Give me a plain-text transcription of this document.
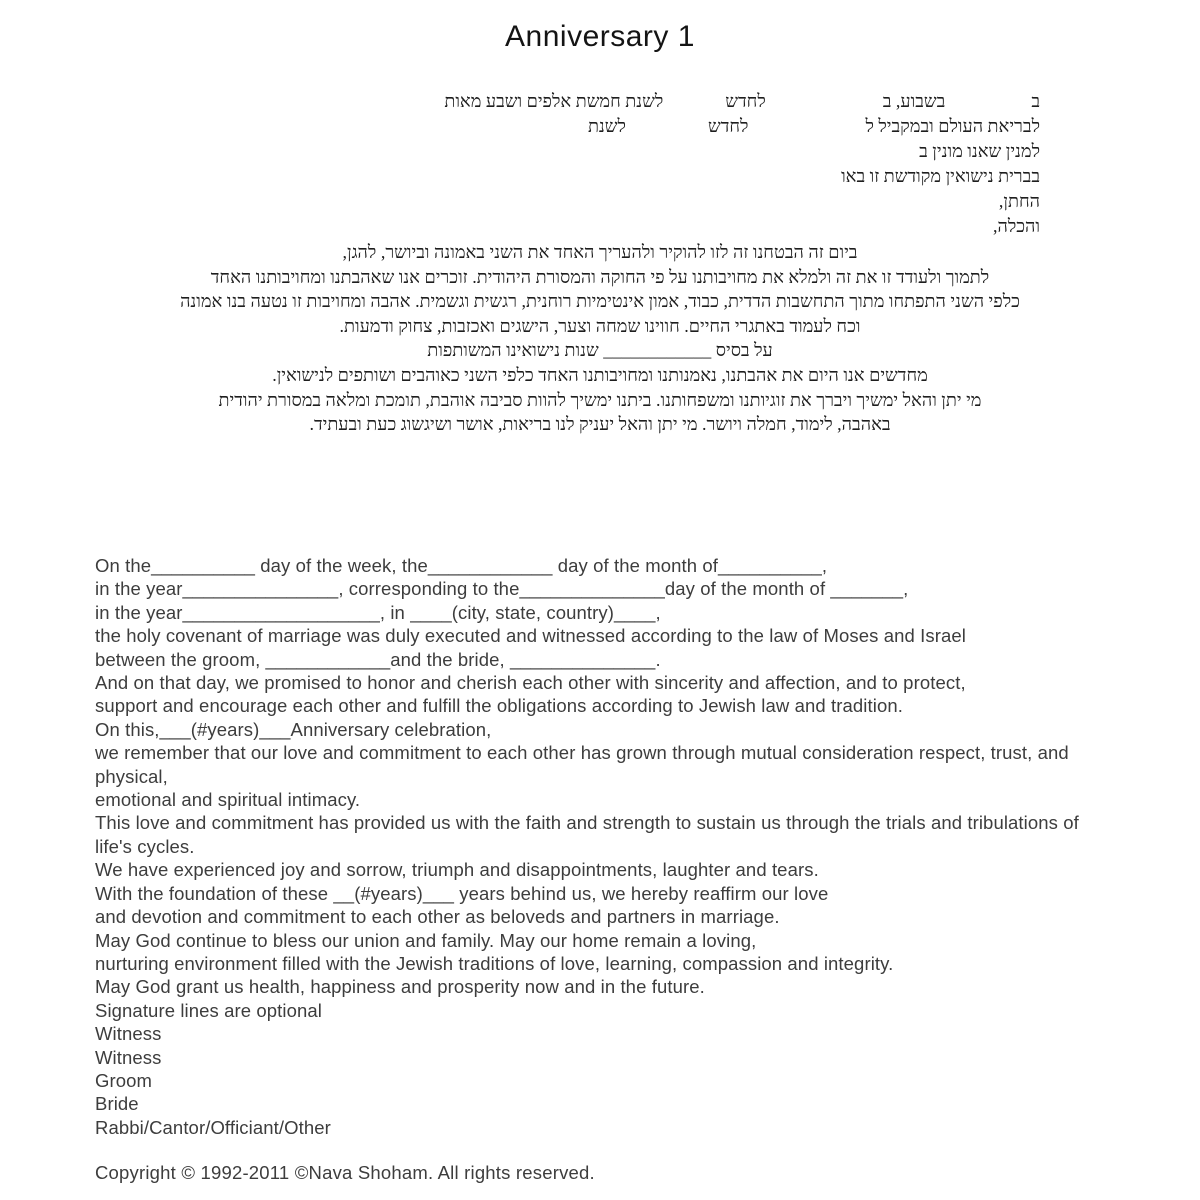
Anniversary 1
ב
בשבוע, ב
לחדש
לשנת חמשת אלפים ושבע מאות
לבריאת העולם ובמקביל ל
לחדש
לשנת
למנין שאנו מונין ב
בברית נישואין מקודשת זו באו
החתן,
והכלה,
ביום זה הבטחנו זה לזו להוקיר ולהעריך האחד את השני באמונה וביושר, להגן,
לתמוך ולעודד זו את זה ולמלא את מחויבותנו על פי החוקה והמסורת היהודית. זוכרים אנו שאהבתנו ומחויבותנו האחד
כלפי השני התפתחו מתוך התחשבות הדדית, כבוד, אמון אינטימיות רוחנית, רגשית וגשמית. אהבה ומחויבות זו נטעה בנו אמונה
וכח לעמוד באתגרי החיים. חווינו שמחה וצער, הישגים ואכזבות, צחוק ודמעות.
על בסיס ____________ שנות נישואינו המשותפות
מחדשים אנו היום את אהבתנו, נאמנותנו ומחויבותנו האחד כלפי השני כאוהבים ושותפים לנישואין.
מי יתן והאל ימשיך ויברך את זוגיותנו ומשפחותנו. ביתנו ימשיך להוות סביבה אוהבת, תומכת ומלאה במסורת יהודית
באהבה, לימוד, חמלה ויושר. מי יתן והאל יעניק לנו בריאות, אושר ושיגשוג כעת ובעתיד.
On the__________ day of the week, the____________ day of the month of__________,
in the year_______________, corresponding to the______________day of the month of _______,
in the year___________________, in ____(city, state, country)____,
the holy covenant of marriage was duly executed and witnessed according to the law of Moses and Israel
between the groom, ____________and the bride, ______________.
And on that day, we promised to honor and cherish each other with sincerity and affection, and to protect,
support and encourage each other and fulfill the obligations according to Jewish law and tradition.
On this,___(#years)___Anniversary celebration,
we remember that our love and commitment to each other has grown through mutual consideration respect, trust, and
physical,
emotional and spiritual intimacy.
This love and commitment has provided us with the faith and strength to sustain us through the trials and tribulations of
life's cycles.
We have experienced joy and sorrow, triumph and disappointments, laughter and tears.
With the foundation of these __(#years)___ years behind us, we hereby reaffirm our love
and devotion and commitment to each other as beloveds and partners in marriage.
May God continue to bless our union and family. May our home remain a loving,
nurturing environment filled with the Jewish traditions of love, learning, compassion and integrity.
May God grant us health, happiness and prosperity now and in the future.
Signature lines are optional
Witness
Witness
Groom
Bride
Rabbi/Cantor/Officiant/Other
Copyright © 1992-2011 ©Nava Shoham. All rights reserved.
